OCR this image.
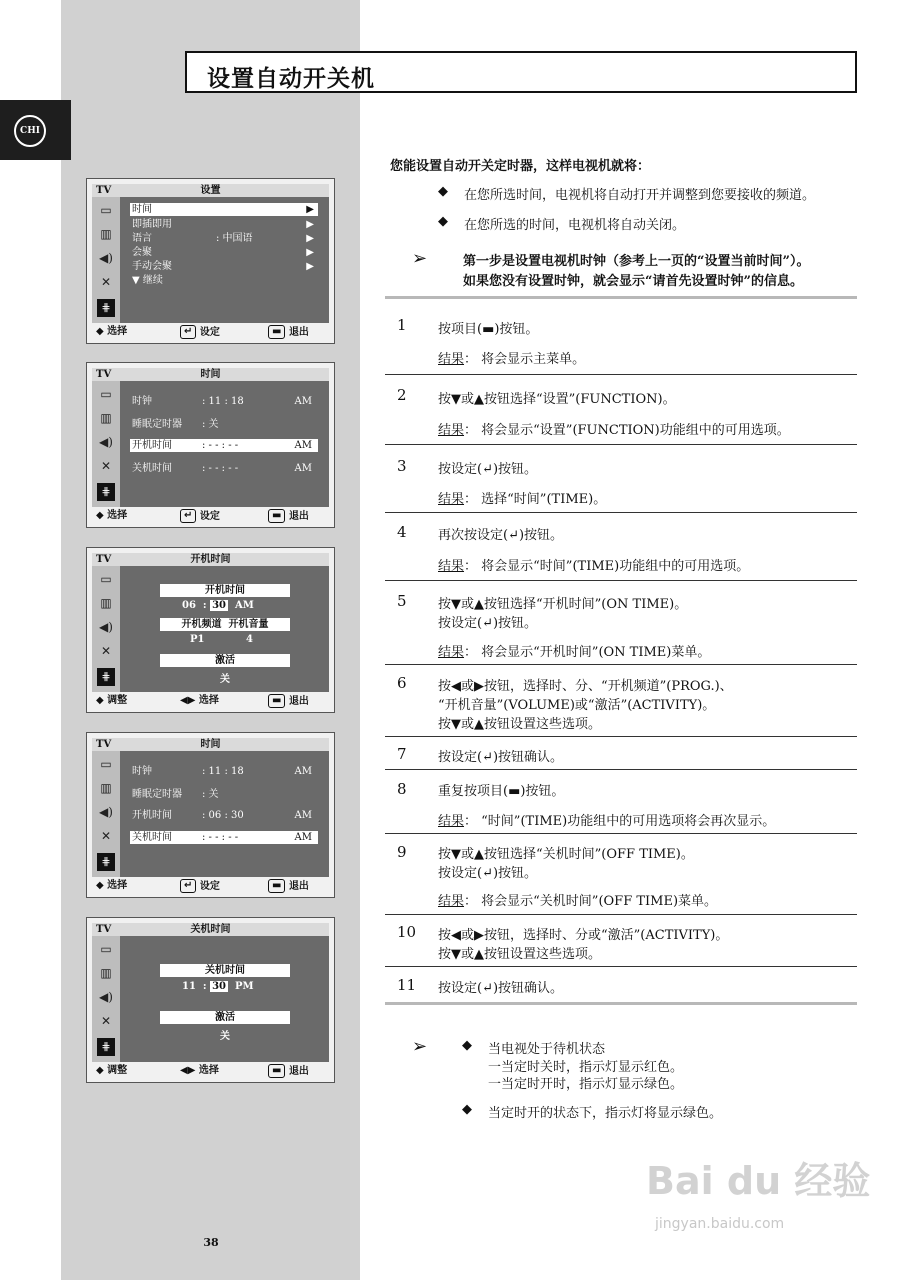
CHI
设置自动开关机
TV	设置
▭
▥
◀)
✕
⋕
时间	▶
即插即用	▶
语言	: 中国语	▶
会聚	▶
手动会聚	▶
▼ 继续
◆ 选择	↵ 设定	▬ 退出
TV	时间
▭
▥
◀)
✕
⋕
时钟	: 11 : 18	AM
睡眠定时器 : 关
开机时间	: - - : - -	AM
关机时间	: - - : - -	AM
◆ 选择	↵ 设定	▬ 退出
TV	开机时间
▭
▥
◀)
✕
⋕
开机时间
06  : 30 AM
开机频道 开机音量
P1	4
激活
关
◆ 调整	◀▶ 选择	▬ 退出
TV	时间
▭
▥
◀)
✕
⋕
时钟	: 11 : 18	AM
睡眠定时器 : 关
开机时间	: 06 : 30	AM
关机时间	: - - : - -	AM
◆ 选择	↵ 设定	▬ 退出
TV	关机时间
▭
▥
◀)
✕
⋕
关机时间
11  : 30 PM
激活
关
◆ 调整	◀▶ 选择	▬ 退出
您能设置自动开关定时器，这样电视机就将：
◆ 在您所选时间，电视机将自动打开并调整到您要接收的频道。
◆ 在您所选的时间，电视机将自动关闭。
➢	第一步是设置电视机时钟（参考上一页的“设置当前时间”）。
如果您没有设置时钟，就会显示“请首先设置时钟”的信息。
1 按项目(▬)按钮。
结果： 将会显示主菜单。
2 按▼或▲按钮选择“设置”(FUNCTION)。
结果： 将会显示“设置”(FUNCTION)功能组中的可用选项。
3 按设定(↵)按钮。
结果： 选择“时间”(TIME)。
4 再次按设定(↵)按钮。
结果： 将会显示“时间”(TIME)功能组中的可用选项。
5 按▼或▲按钮选择“开机时间”(ON TIME)。
按设定(↵)按钮。
结果： 将会显示“开机时间”(ON TIME)菜单。
6 按◀或▶按钮，选择时、分、“开机频道”(PROG.)、
“开机音量”(VOLUME)或“激活”(ACTIVITY)。
按▼或▲按钮设置这些选项。
7 按设定(↵)按钮确认。
8 重复按项目(▬)按钮。
结果： “时间”(TIME)功能组中的可用选项将会再次显示。
9 按▼或▲按钮选择“关机时间”(OFF TIME)。
按设定(↵)按钮。
结果： 将会显示“关机时间”(OFF TIME)菜单。
10 按◀或▶按钮，选择时、分或“激活”(ACTIVITY)。
按▼或▲按钮设置这些选项。
11 按设定(↵)按钮确认。
➢	◆ 当电视处于待机状态
一当定时关时，指示灯显示红色。
一当定时开时，指示灯显示绿色。
◆ 当定时开的状态下，指示灯将显示绿色。
Bai du 经验
jingyan.baidu.com
38
